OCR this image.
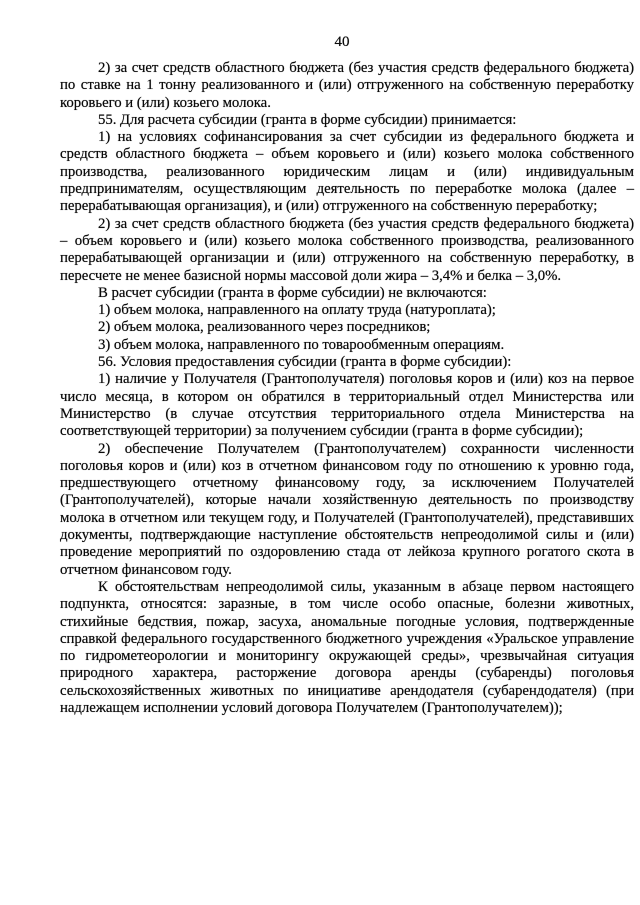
40

2) за счет средств областного бюджета (без участия средств федерального бюджета) по ставке на 1 тонну реализованного и (или) отгруженного на собственную переработку коровьего и (или) козьего молока.

55. Для расчета субсидии (гранта в форме субсидии) принимается:

1) на условиях софинансирования за счет субсидии из федерального бюджета и средств областного бюджета – объем коровьего и (или) козьего молока собственного производства, реализованного юридическим лицам и (или) индивидуальным предпринимателям, осуществляющим деятельность по переработке молока (далее – перерабатывающая организация), и (или) отгруженного на собственную переработку;

2) за счет средств областного бюджета (без участия средств федерального бюджета) – объем коровьего и (или) козьего молока собственного производства, реализованного перерабатывающей организации и (или) отгруженного на собственную переработку, в пересчете не менее базисной нормы массовой доли жира – 3,4% и белка – 3,0%.

В расчет субсидии (гранта в форме субсидии) не включаются:

1) объем молока, направленного на оплату труда (натуроплата);

2) объем молока, реализованного через посредников;

3) объем молока, направленного по товарообменным операциям.

56. Условия предоставления субсидии (гранта в форме субсидии):

1) наличие у Получателя (Грантополучателя) поголовья коров и (или) коз на первое число месяца, в котором он обратился в территориальный отдел Министерства или Министерство (в случае отсутствия территориального отдела Министерства на соответствующей территории) за получением субсидии (гранта в форме субсидии);

2) обеспечение Получателем (Грантополучателем) сохранности численности поголовья коров и (или) коз в отчетном финансовом году по отношению к уровню года, предшествующего отчетному финансовому году, за исключением Получателей (Грантополучателей), которые начали хозяйственную деятельность по производству молока в отчетном или текущем году, и Получателей (Грантополучателей), представивших документы, подтверждающие наступление обстоятельств непреодолимой силы и (или) проведение мероприятий по оздоровлению стада от лейкоза крупного рогатого скота в отчетном финансовом году.

К обстоятельствам непреодолимой силы, указанным в абзаце первом настоящего подпункта, относятся: заразные, в том числе особо опасные, болезни животных, стихийные бедствия, пожар, засуха, аномальные погодные условия, подтвержденные справкой федерального государственного бюджетного учреждения «Уральское управление по гидрометеорологии и мониторингу окружающей среды», чрезвычайная ситуация природного характера, расторжение договора аренды (субаренды) поголовья сельскохозяйственных животных по инициативе арендодателя (субарендодателя) (при надлежащем исполнении условий договора Получателем (Грантополучателем));
